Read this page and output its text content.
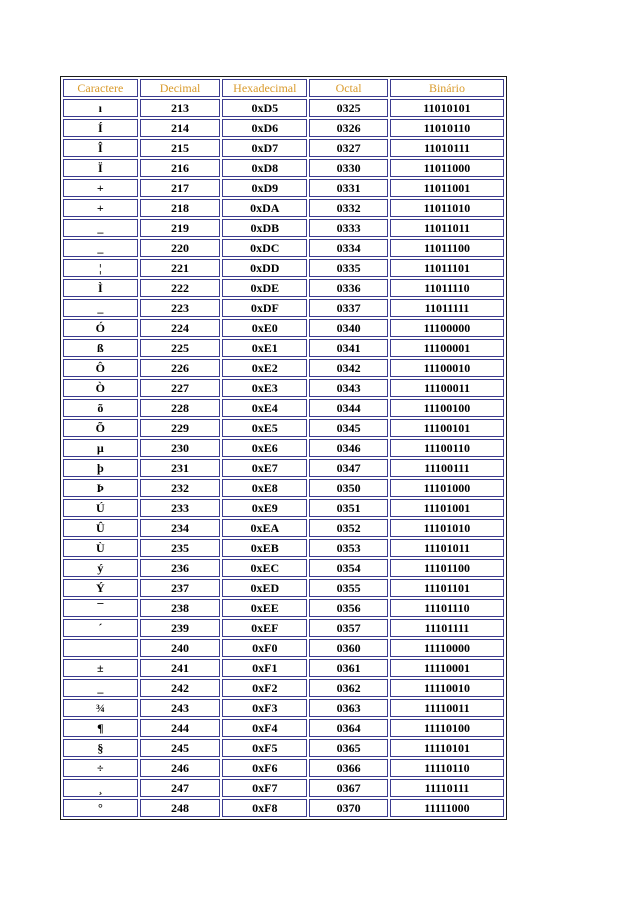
Caractere	Decimal	Hexadecimal	Octal	Binário
ı	213	0xD5	0325	11010101
Í	214	0xD6	0326	11010110
Î	215	0xD7	0327	11010111
Ï	216	0xD8	0330	11011000
+	217	0xD9	0331	11011001
+	218	0xDA	0332	11011010
_	219	0xDB	0333	11011011
_	220	0xDC	0334	11011100
¦	221	0xDD	0335	11011101
Ì	222	0xDE	0336	11011110
_	223	0xDF	0337	11011111
Ó	224	0xE0	0340	11100000
ß	225	0xE1	0341	11100001
Ô	226	0xE2	0342	11100010
Ò	227	0xE3	0343	11100011
õ	228	0xE4	0344	11100100
Õ	229	0xE5	0345	11100101
µ	230	0xE6	0346	11100110
þ	231	0xE7	0347	11100111
Þ	232	0xE8	0350	11101000
Ú	233	0xE9	0351	11101001
Û	234	0xEA	0352	11101010
Ù	235	0xEB	0353	11101011
ý	236	0xEC	0354	11101100
Ý	237	0xED	0355	11101101
¯	238	0xEE	0356	11101110
´	239	0xEF	0357	11101111
	240	0xF0	0360	11110000
±	241	0xF1	0361	11110001
_	242	0xF2	0362	11110010
¾	243	0xF3	0363	11110011
¶	244	0xF4	0364	11110100
§	245	0xF5	0365	11110101
÷	246	0xF6	0366	11110110
¸	247	0xF7	0367	11110111
°	248	0xF8	0370	11111000
